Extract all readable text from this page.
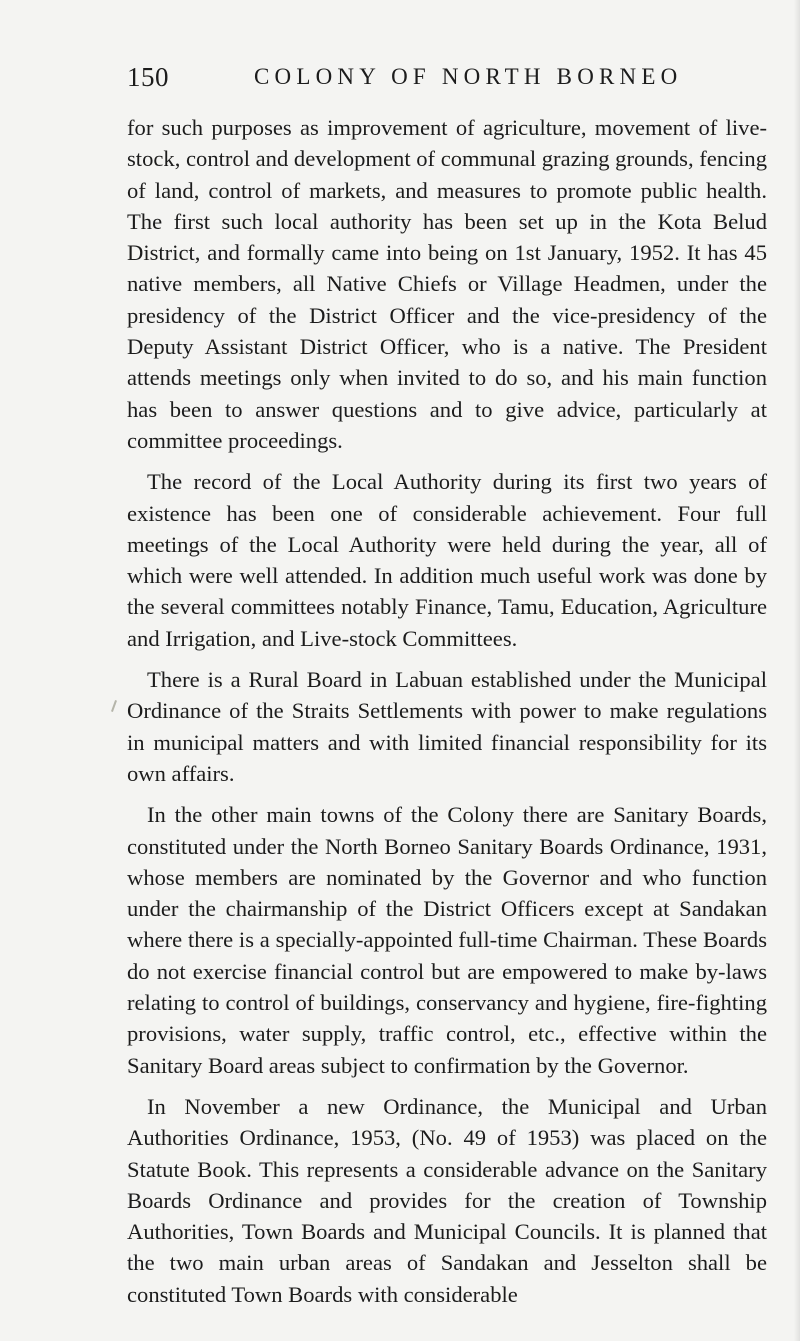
150	COLONY OF NORTH BORNEO

for such purposes as improvement of agriculture, movement of live-stock, control and development of communal grazing grounds, fencing of land, control of markets, and measures to promote public health. The first such local authority has been set up in the Kota Belud District, and formally came into being on 1st January, 1952. It has 45 native members, all Native Chiefs or Village Headmen, under the presidency of the District Officer and the vice-presidency of the Deputy Assistant District Officer, who is a native. The President attends meetings only when invited to do so, and his main function has been to answer questions and to give advice, particularly at committee proceedings.

The record of the Local Authority during its first two years of existence has been one of considerable achievement. Four full meetings of the Local Authority were held during the year, all of which were well attended. In addition much useful work was done by the several committees notably Finance, Tamu, Education, Agriculture and Irrigation, and Live-stock Committees.

There is a Rural Board in Labuan established under the Municipal Ordinance of the Straits Settlements with power to make regulations in municipal matters and with limited financial responsibility for its own affairs.

In the other main towns of the Colony there are Sanitary Boards, constituted under the North Borneo Sanitary Boards Ordinance, 1931, whose members are nominated by the Governor and who function under the chairmanship of the District Officers except at Sandakan where there is a specially-appointed full-time Chairman. These Boards do not exercise financial control but are empowered to make by-laws relating to control of buildings, conservancy and hygiene, fire-fighting provisions, water supply, traffic control, etc., effective within the Sanitary Board areas subject to confirmation by the Governor.

In November a new Ordinance, the Municipal and Urban Authorities Ordinance, 1953, (No. 49 of 1953) was placed on the Statute Book. This represents a considerable advance on the Sanitary Boards Ordinance and provides for the creation of Township Authorities, Town Boards and Municipal Councils. It is planned that the two main urban areas of Sandakan and Jesselton shall be constituted Town Boards with considerable
